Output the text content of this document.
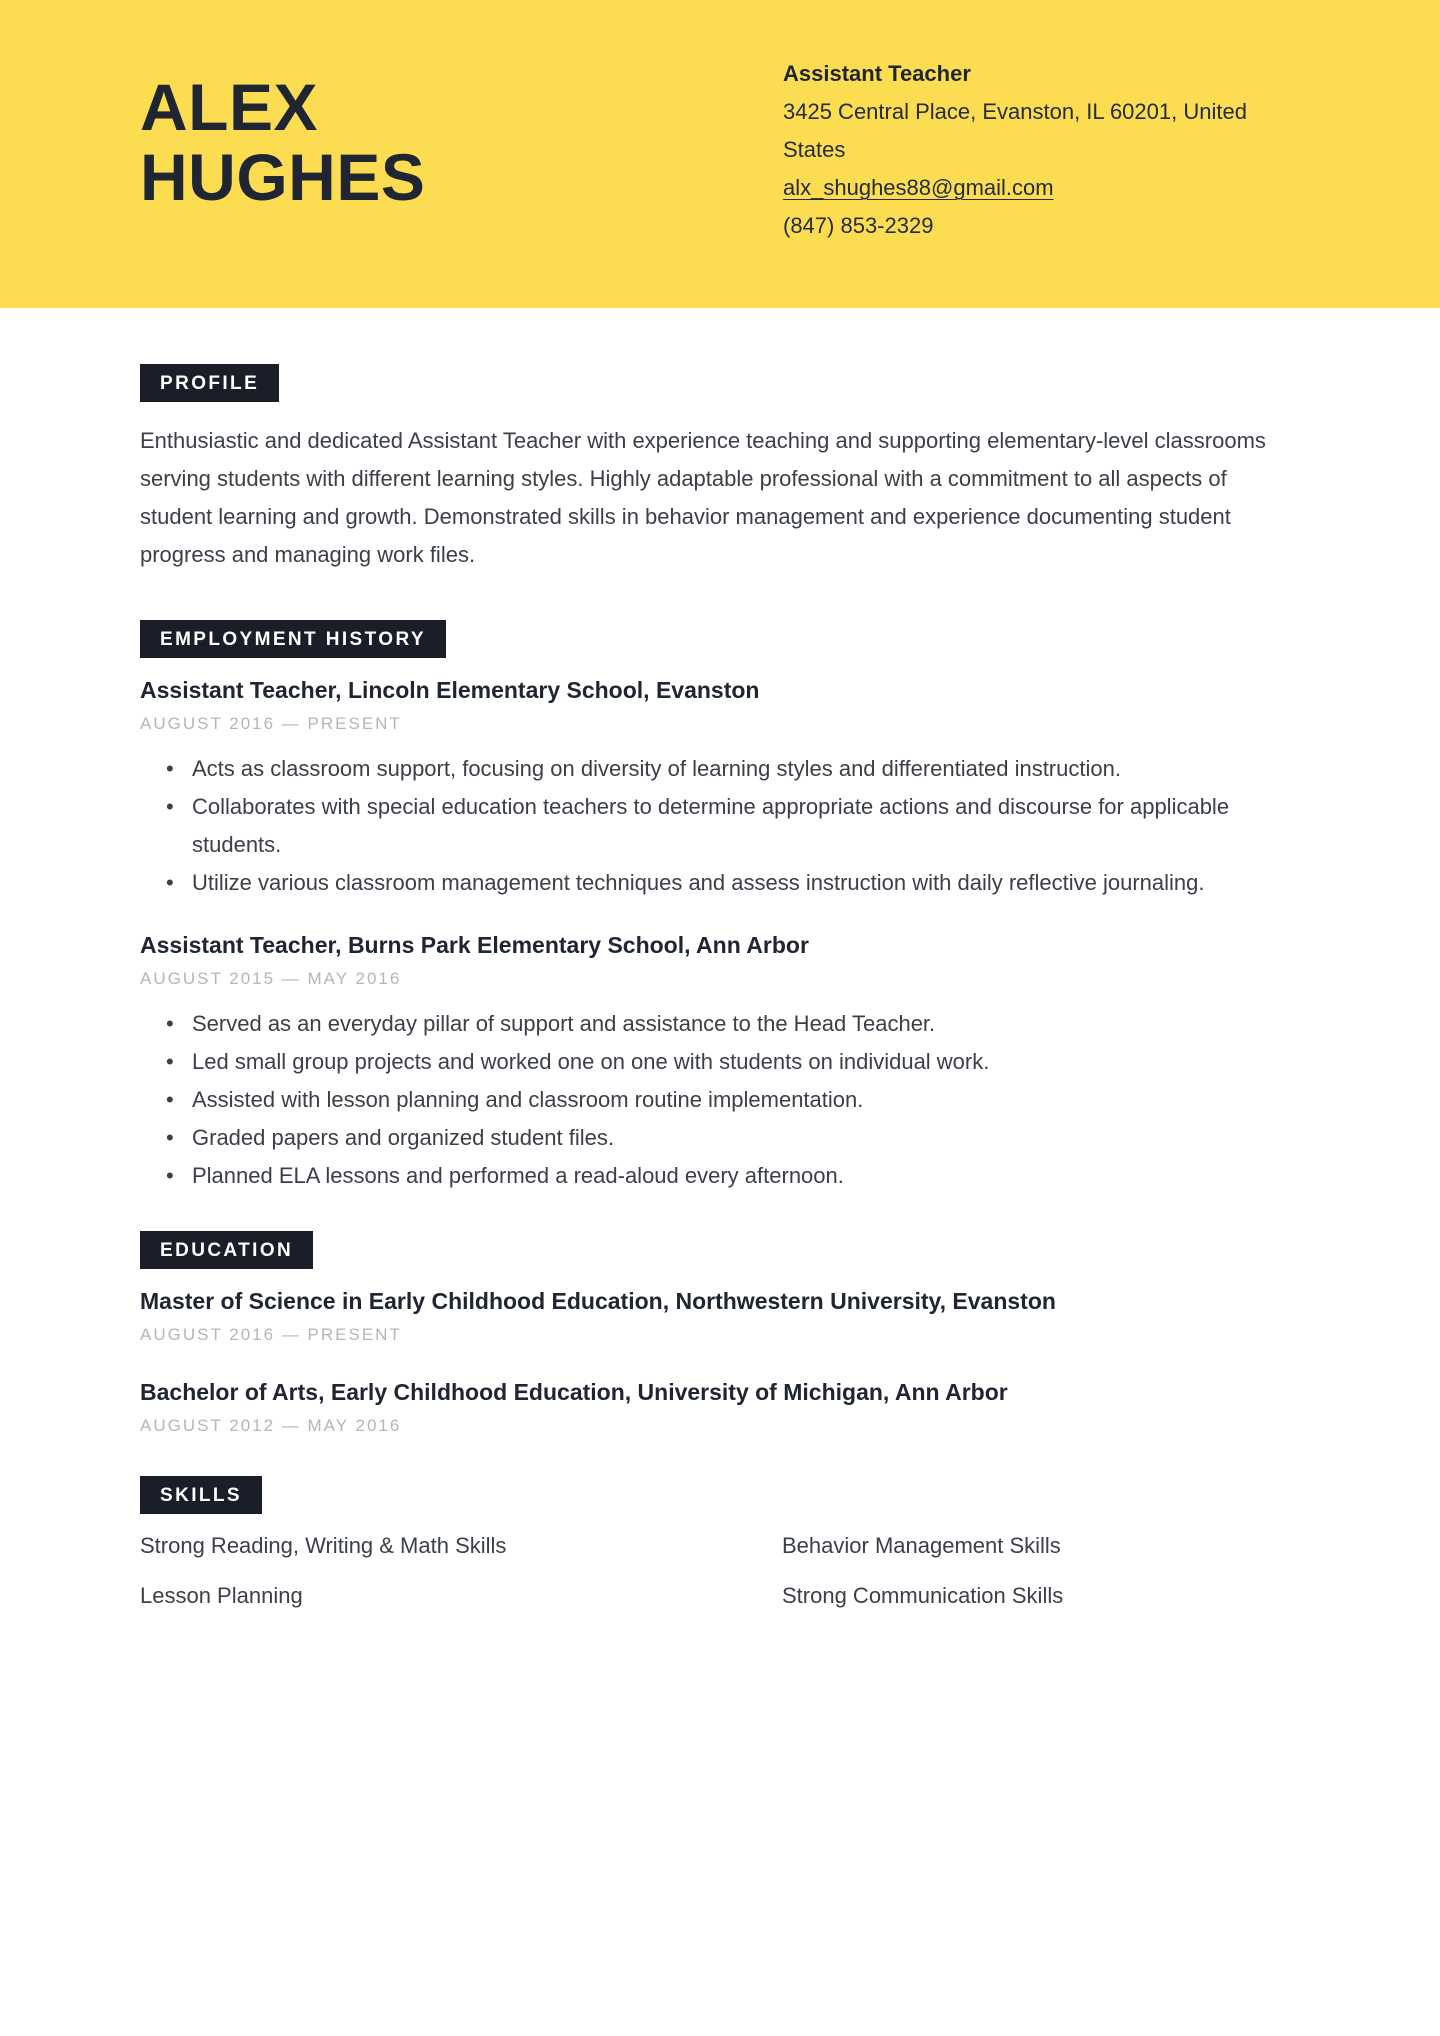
ALEX
HUGHES
Assistant Teacher
3425 Central Place, Evanston, IL 60201, United States
alx_shughes88@gmail.com
(847) 853-2329
PROFILE

Enthusiastic and dedicated Assistant Teacher with experience teaching and supporting elementary-level classrooms serving students with different learning styles. Highly adaptable professional with a commitment to all aspects of student learning and growth. Demonstrated skills in behavior management and experience documenting student progress and managing work files.

EMPLOYMENT HISTORY
Assistant Teacher, Lincoln Elementary School, Evanston
AUGUST 2016 — PRESENT
• Acts as classroom support, focusing on diversity of learning styles and differentiated instruction.
• Collaborates with special education teachers to determine appropriate actions and discourse for applicable students.
• Utilize various classroom management techniques and assess instruction with daily reflective journaling.
Assistant Teacher, Burns Park Elementary School, Ann Arbor
AUGUST 2015 — MAY 2016
• Served as an everyday pillar of support and assistance to the Head Teacher.
• Led small group projects and worked one on one with students on individual work.
• Assisted with lesson planning and classroom routine implementation.
• Graded papers and organized student files.
• Planned ELA lessons and performed a read-aloud every afternoon.
EDUCATION
Master of Science in Early Childhood Education, Northwestern University, Evanston
AUGUST 2016 — PRESENT
Bachelor of Arts, Early Childhood Education, University of Michigan, Ann Arbor
AUGUST 2012 — MAY 2016
SKILLS
Strong Reading, Writing & Math Skills	Behavior Management Skills
Lesson Planning	Strong Communication Skills
